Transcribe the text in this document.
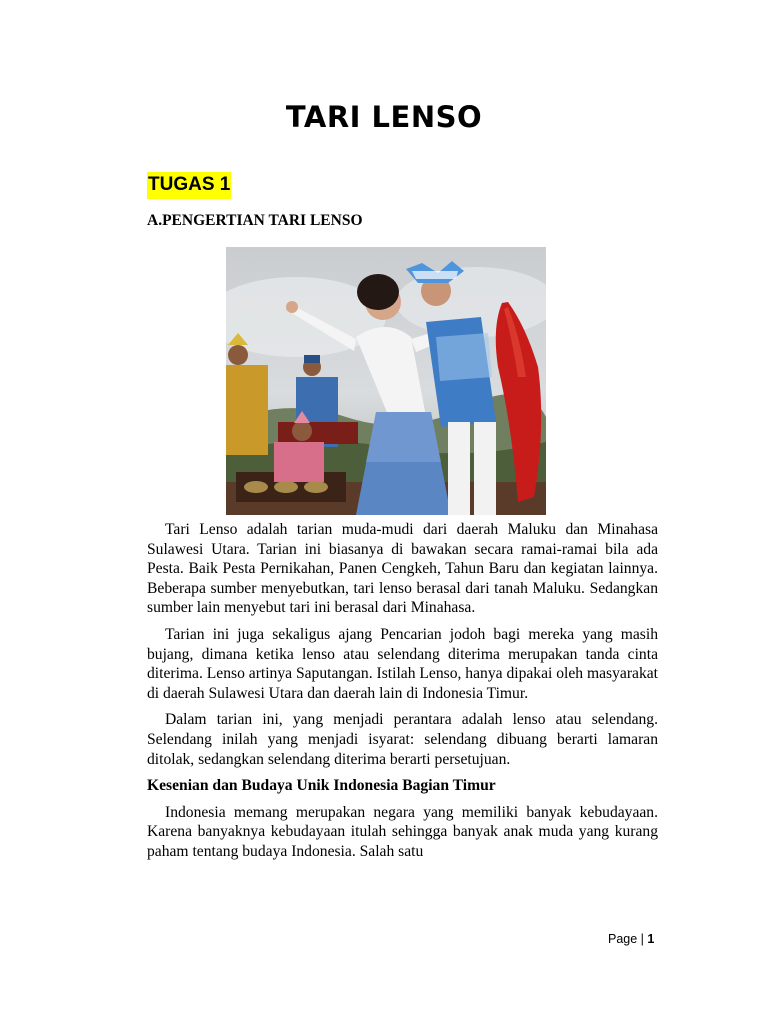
TARI LENSO
TUGAS 1
A.PENGERTIAN TARI LENSO

Tari Lenso adalah tarian muda-mudi dari daerah Maluku dan Minahasa Sulawesi Utara. Tarian ini biasanya di bawakan secara ramai-ramai bila ada Pesta. Baik Pesta Pernikahan, Panen Cengkeh, Tahun Baru dan kegiatan lainnya. Beberapa sumber menyebutkan, tari lenso berasal dari tanah Maluku. Sedangkan sumber lain menyebut tari ini berasal dari Minahasa.

Tarian ini juga sekaligus ajang Pencarian jodoh bagi mereka yang masih bujang, dimana ketika lenso atau selendang diterima merupakan tanda cinta diterima. Lenso artinya Saputangan. Istilah Lenso, hanya dipakai oleh masyarakat di daerah Sulawesi Utara dan daerah lain di Indonesia Timur.

Dalam tarian ini, yang menjadi perantara adalah lenso atau selendang. Selendang inilah yang menjadi isyarat: selendang dibuang berarti lamaran ditolak, sedangkan selendang diterima berarti persetujuan.

Kesenian dan Budaya Unik Indonesia Bagian Timur

Indonesia memang merupakan negara yang memiliki banyak kebudayaan. Karena banyaknya kebudayaan itulah sehingga banyak anak muda yang kurang paham tentang budaya Indonesia. Salah satu

Page | 1
